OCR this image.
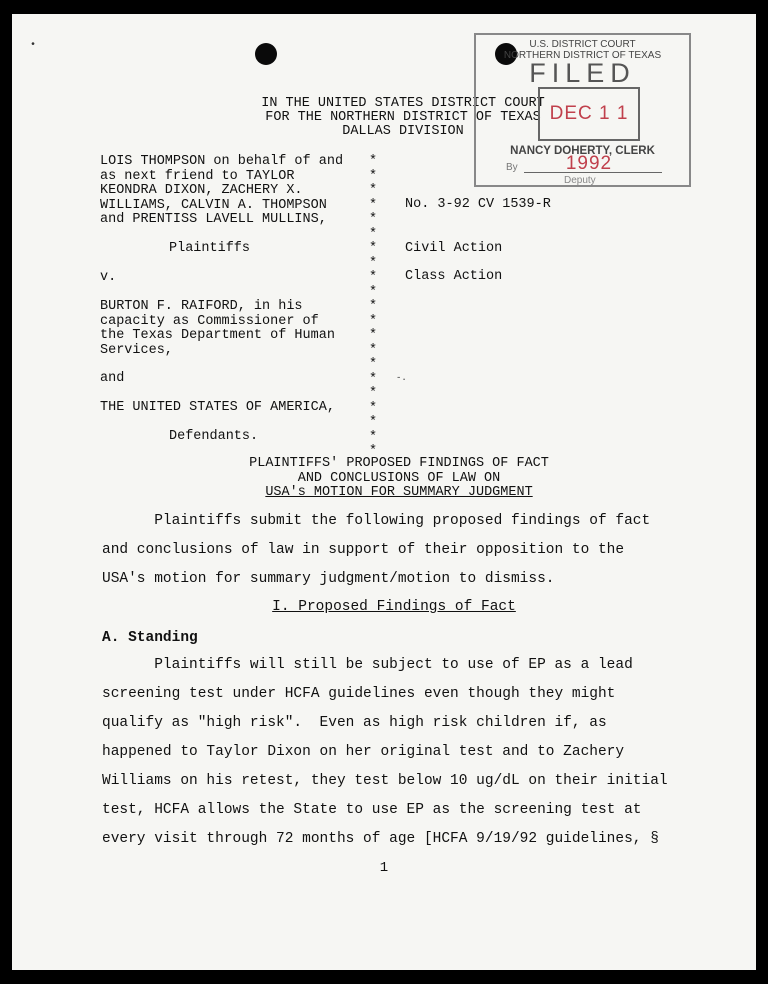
•
IN THE UNITED STATES DISTRICT COURT
FOR THE NORTHERN DISTRICT OF TEXAS
DALLAS DIVISION
U.S. DISTRICT COURT
NORTHERN DISTRICT OF TEXAS
FILED
DEC 1 1 1992
NANCY DOHERTY, CLERK
By
Deputy
LOIS THOMPSON on behalf of and
as next friend to TAYLOR
KEONDRA DIXON, ZACHERY X.
WILLIAMS, CALVIN A. THOMPSON
and PRENTISS LAVELL MULLINS,
Plaintiffs
v.
BURTON F. RAIFORD, in his
capacity as Commissioner of
the Texas Department of Human
Services,
and
THE UNITED STATES OF AMERICA,
Defendants.
*
*
*
*
*
*
*
*
*
*
*
*
*
*
*
*
*
*
*
*
*
No. 3-92 CV 1539-R
Civil Action
Class Action
-.
PLAINTIFFS' PROPOSED FINDINGS OF FACT
AND CONCLUSIONS OF LAW ON
USA's MOTION FOR SUMMARY JUDGMENT
Plaintiffs submit the following proposed findings of fact
and conclusions of law in support of their opposition to the
USA's motion for summary judgment/motion to dismiss.
I. Proposed Findings of Fact
A. Standing
Plaintiffs will still be subject to use of EP as a lead
screening test under HCFA guidelines even though they might
qualify as "high risk".  Even as high risk children if, as
happened to Taylor Dixon on her original test and to Zachery
Williams on his retest, they test below 10 ug/dL on their initial
test, HCFA allows the State to use EP as the screening test at
every visit through 72 months of age [HCFA 9/19/92 guidelines, §
1
